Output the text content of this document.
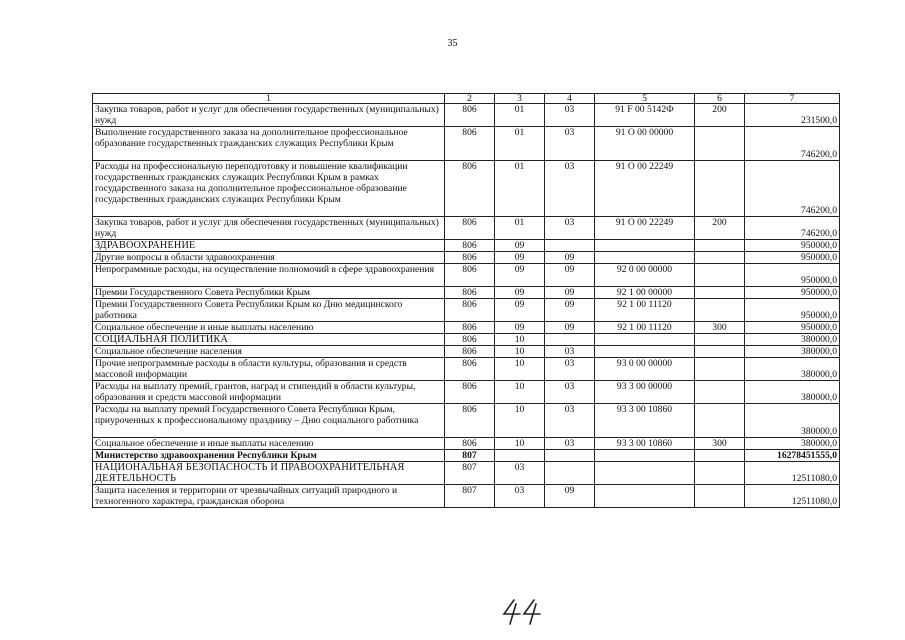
35
1	2	3	4	5	6	7
Закупка товаров, работ и услуг для обеспечения государственных (муниципальных) нужд	806	01	03	91 F 00 5142Ф	200	231500,0
Выполнение государственного заказа на дополнительное профессиональное образование государственных гражданских служащих Республики Крым	806	01	03	91 О 00 00000		746200,0
Расходы на профессиональную переподготовку и повышение квалификации государственных гражданских служащих Республики Крым в рамках государственного заказа на дополнительное профессиональное образование государственных гражданских служащих Республики Крым	806	01	03	91 О 00 22249		746200,0
Закупка товаров, работ и услуг для обеспечения государственных (муниципальных) нужд	806	01	03	91 О 00 22249	200	746200,0
ЗДРАВООХРАНЕНИЕ	806	09				950000,0
Другие вопросы в области здравоохранения	806	09	09			950000,0
Непрограммные расходы, на осуществление полномочий в сфере здравоохранения	806	09	09	92 0 00 00000		950000,0
Премии Государственного Совета Республики Крым	806	09	09	92 1 00 00000		950000,0
Премии Государственного Совета Республики Крым ко Дню медицинского работника	806	09	09	92 1 00 11120		950000,0
Социальное обеспечение и иные выплаты населению	806	09	09	92 1 00 11120	300	950000,0
СОЦИАЛЬНАЯ ПОЛИТИКА	806	10				380000,0
Социальное обеспечение населения	806	10	03			380000,0
Прочие непрограммные расходы в области культуры, образования и средств массовой информации	806	10	03	93 0 00 00000		380000,0
Расходы на выплату премий, грантов, наград и стипендий в области культуры, образования и средств массовой информации	806	10	03	93 3 00 00000		380000,0
Расходы на выплату премий Государственного Совета Республики Крым, приуроченных к профессиональному празднику – Дню социального работника	806	10	03	93 3 00 10860		380000,0
Социальное обеспечение и иные выплаты населению	806	10	03	93 3 00 10860	300	380000,0
Министерство здравоохранения Республики Крым	807					16278451555,0
НАЦИОНАЛЬНАЯ БЕЗОПАСНОСТЬ И ПРАВООХРАНИТЕЛЬНАЯ ДЕЯТЕЛЬНОСТЬ	807	03				12511080,0
Защита населения и территории от чрезвычайных ситуаций природного и техногенного характера, гражданская оборона	807	03	09			12511080,0
